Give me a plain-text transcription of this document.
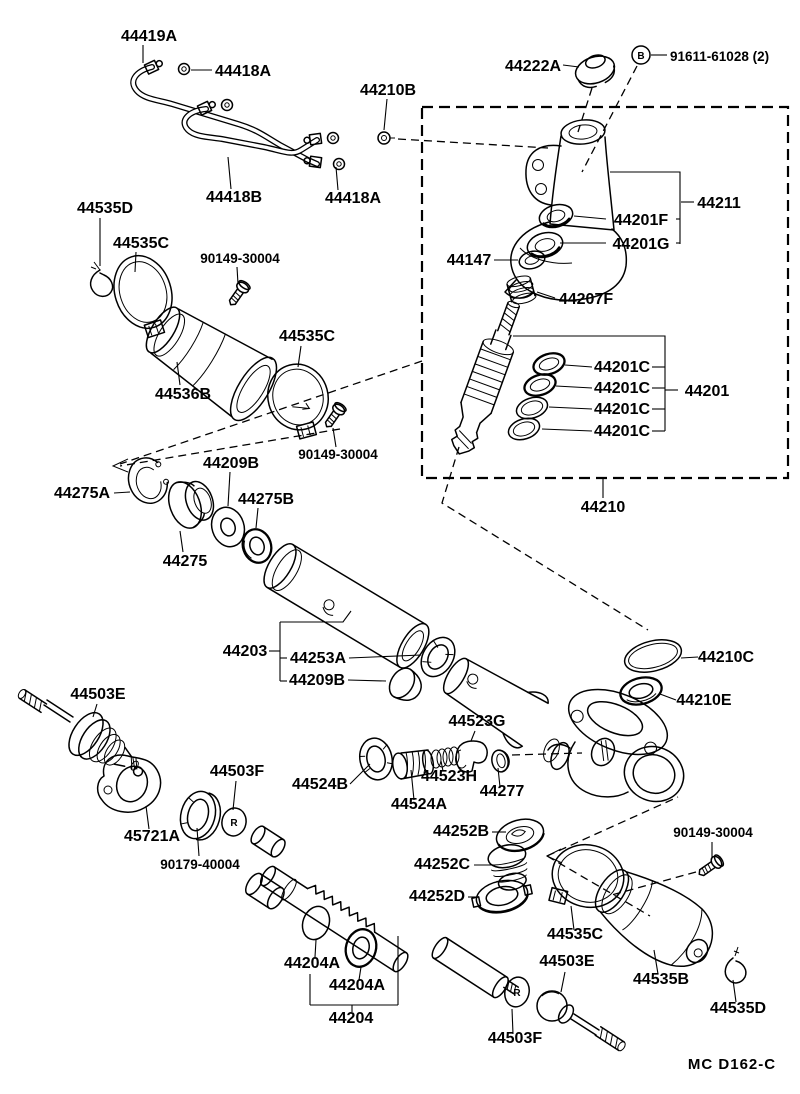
B
R
R
44419A
44418A
44210B
44222A
91611-61028 (2)
44211
44201F
44201G
44147
44207F
44201C
44201C
44201C
44201C
44201
44210
44418B	44418A
44535D
44535C
90149-30004
44535C
44536B
90149-30004
44209B
44275A	44275B
44275
44203 44253A
44209B
44210C
44210E
44503E
44503F
45721A
90179-40004
44523G
44523H
44524B
44524A
44277
44252B
44252C
44252D
90149-30004
44535C
44535B
44535D
44204A
44204A
44204
44503E
44503F
MC D162-C
